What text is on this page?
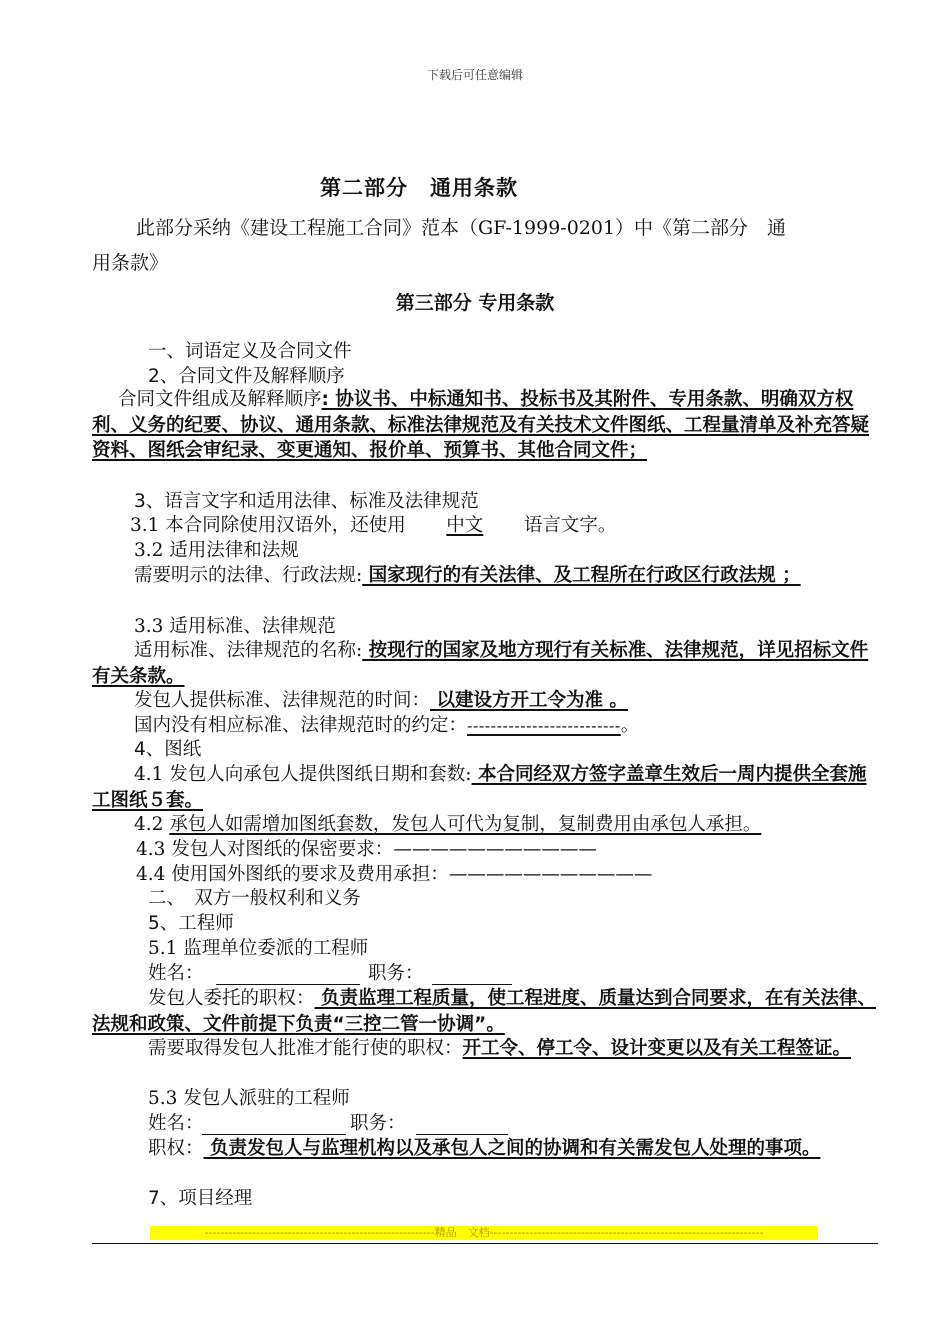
下载后可任意编辑
第二部分　通用条款
此部分采纳《建设工程施工合同》范本（GF-1999-0201）中《第二部分　通
用条款》
第三部分 专用条款
一、词语定义及合同文件
2、合同文件及解释顺序
合同文件组成及解释顺序: 协议书、中标通知书、投标书及其附件、专用条款、明确双方权利、义务的纪要、协议、通用条款、标准法律规范及有关技术文件图纸、工程量清单及补充答疑资料、图纸会审纪录、变更通知、报价单、预算书、其他合同文件；
3、语言文字和适用法律、标准及法律规范
3.1 本合同除使用汉语外，还使用 中文 语言文字。
3.2 适用法律和法规
需要明示的法律、行政法规: 国家现行的有关法律、及工程所在行政区行政法规 ；
3.3 适用标准、法律规范
适用标准、法律规范的名称: 按现行的国家及地方现行有关标准、法律规范，详见招标文件有关条款。
发包人提供标准、法律规范的时间： 以建设方开工令为准 。
国内没有相应标准、法律规范时的约定：--------------------------。
4、图纸
4.1 发包人向承包人提供图纸日期和套数: 本合同经双方签字盖章生效后一周内提供全套施工图纸５套。
4.2 承包人如需增加图纸套数，发包人可代为复制，复制费用由承包人承担。
4.3 发包人对图纸的保密要求：———————————
4.4 使用国外图纸的要求及费用承担：———————————
二、　双方一般权利和义务
5、工程师
5.1 监理单位委派的工程师
姓名：	职务：
发包人委托的职权： 负责监理工程质量，使工程进度、质量达到合同要求，在有关法律、法规和政策、文件前提下负责“三控二管一协调”。
需要取得发包人批准才能行使的职权：开工令、停工令、设计变更以及有关工程签证。
5.3 发包人派驻的工程师
姓名：	职务：
职权： 负责发包人与监理机构以及承包人之间的协调和有关需发包人处理的事项。
7、项目经理
----------------------------------------------------------精品　文档---------------------------------------------------------------------
